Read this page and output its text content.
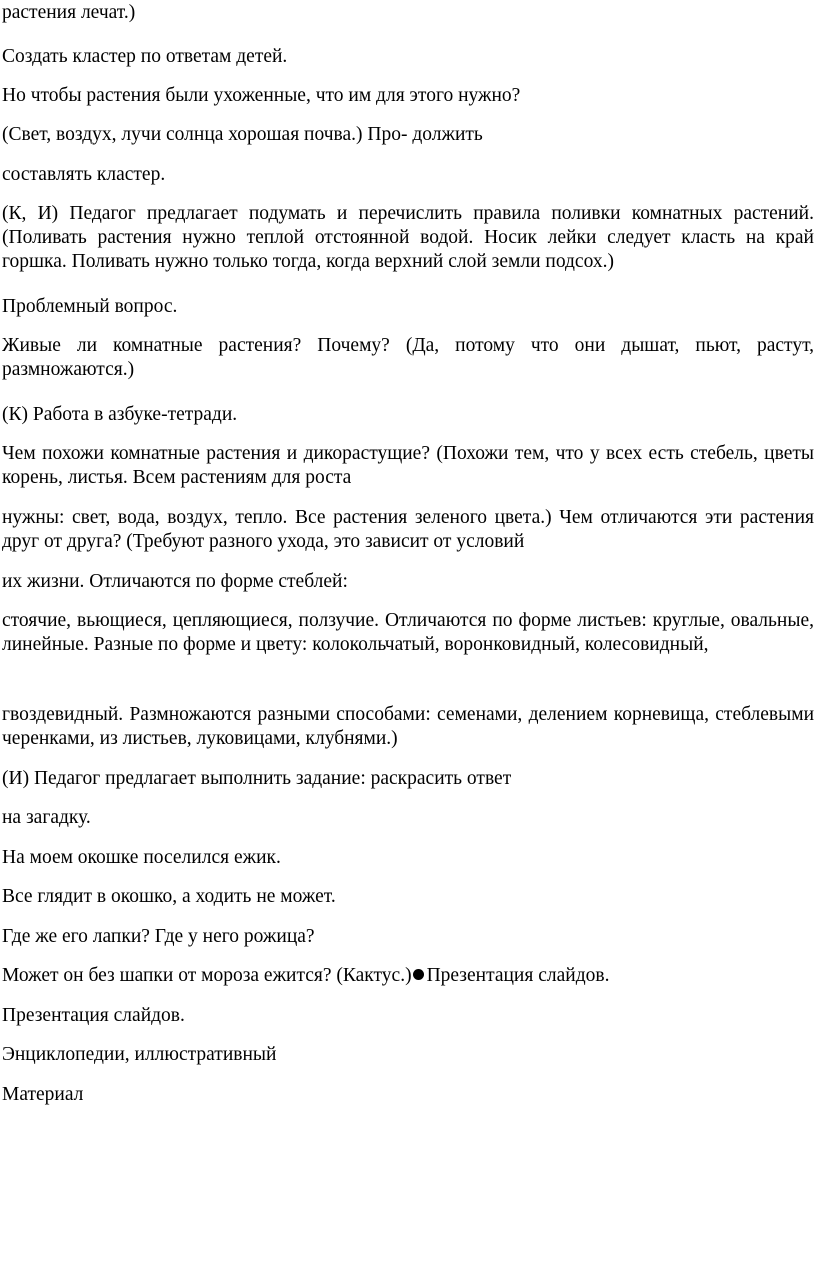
растения лечат.)

Создать кластер по ответам детей.

Но чтобы растения были ухоженные, что им для этого нужно?

(Свет, воздух, лучи солнца хорошая почва.) Про- должить

составлять кластер.

(К, И) Педагог предлагает подумать и перечислить правила поливки комнатных растений. (Поливать растения нужно теплой отстоянной водой. Носик лейки следует класть на край горшка. Поливать нужно только тогда, когда верхний слой земли подсох.)

Проблемный вопрос.

Живые ли комнатные растения? Почему? (Да, потому что они дышат, пьют, растут, размножаются.)

(К) Работа в азбуке-тетради.

Чем похожи комнатные растения и дикорастущие? (Похожи тем, что у всех есть стебель, цветы корень, листья. Всем растениям для роста

нужны: свет, вода, воздух, тепло. Все растения зеленого цвета.) Чем отличаются эти растения друг от друга? (Требуют разного ухода, это зависит от условий

их жизни. Отличаются по форме стеблей:

стоячие, вьющиеся, цепляющиеся, ползучие. Отличаются по форме листьев: круглые, овальные, линейные. Разные по форме и цвету: колокольчатый, воронковидный, колесовидный,

гвоздевидный. Размножаются разными способами: семенами, делением корневища, стеблевыми черенками, из листьев, луковицами, клубнями.)

(И) Педагог предлагает выполнить задание: раскрасить ответ

на загадку.

На моем окошке поселился ежик.

Все глядит в окошко, а ходить не может.

Где же его лапки? Где у него рожица?

Может он без шапки от мороза ежится? (Кактус.) Презентация слайдов.

Презентация слайдов.

Энциклопедии, иллюстративный

Материал
